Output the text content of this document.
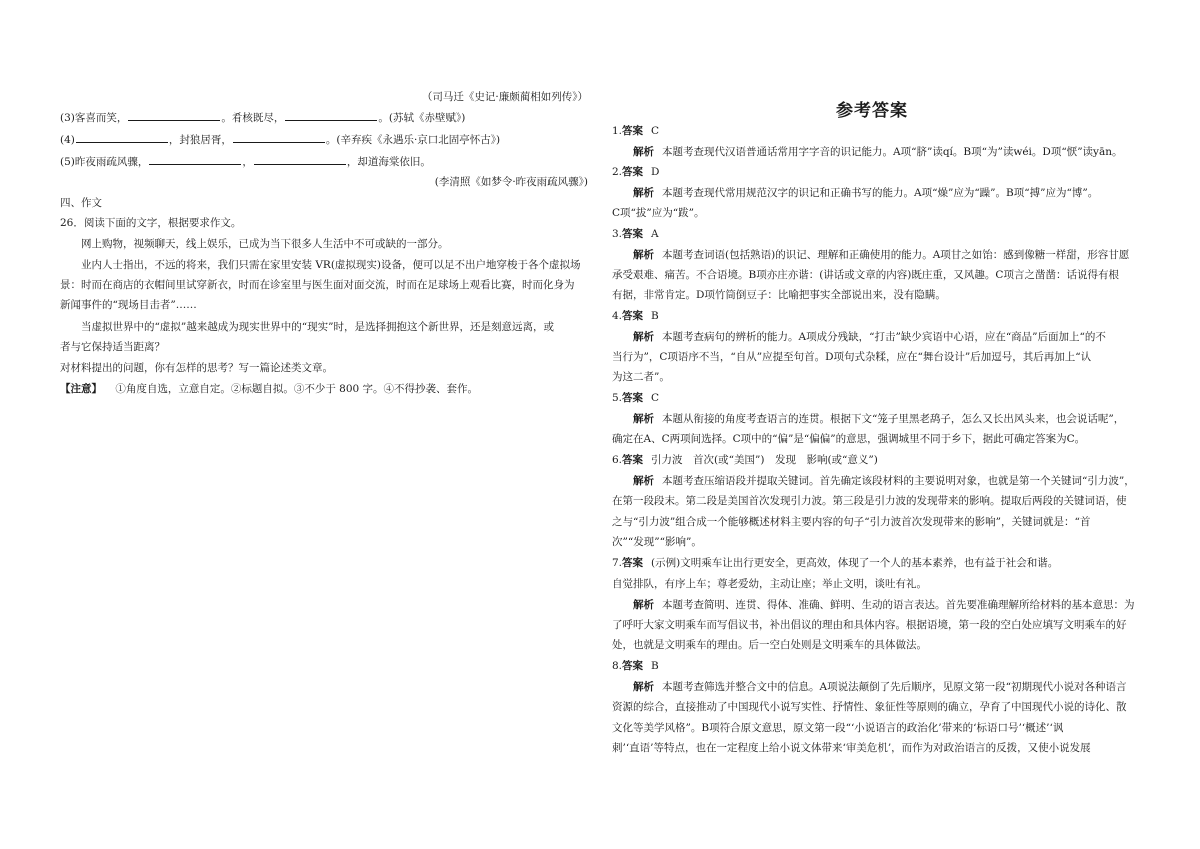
（司马迁《史记·廉颇蔺相如列传》）
(3)客喜而笑，	。肴核既尽，	。(苏轼《赤壁赋》)
(4)	，封狼居胥，	。(辛弃疾《永遇乐·京口北固亭怀古》)
(5)昨夜雨疏风骤，	，	，却道海棠依旧。
(李清照《如梦令·昨夜雨疏风骤》)
四、作文
26．阅读下面的文字，根据要求作文。
网上购物，视频聊天，线上娱乐，已成为当下很多人生活中不可或缺的一部分。
业内人士指出，不远的将来，我们只需在家里安装 VR(虚拟现实)设备，便可以足不出户地穿梭于各个虚拟场
景：时而在商店的衣帽间里试穿新衣，时而在诊室里与医生面对面交流，时而在足球场上观看比赛，时而化身为
新闻事件的“现场目击者”……
当虚拟世界中的“虚拟”越来越成为现实世界中的“现实”时，是选择拥抱这个新世界，还是刻意远离，或
者与它保持适当距离？
对材料提出的问题，你有怎样的思考？写一篇论述类文章。
【注意】 ①角度自选，立意自定。②标题自拟。③不少于 800 字。④不得抄袭、套作。
参考答案
1.答案 C
解析 本题考查现代汉语普通话常用字字音的识记能力。A项“脐”读qí。B项“为”读wéi。D项“恹”读yān。
2.答案 D
解析 本题考查现代常用规范汉字的识记和正确书写的能力。A项“燥”应为“躁”。B项“搏”应为“博”。
C项“拔”应为“跋”。
3.答案 A
解析 本题考查词语(包括熟语)的识记、理解和正确使用的能力。A项甘之如饴：感到像糖一样甜，形容甘愿
承受艰难、痛苦。不合语境。B项亦庄亦谐：(讲话或文章的内容)既庄重，又风趣。C项言之凿凿：话说得有根
有据，非常肯定。D项竹筒倒豆子：比喻把事实全部说出来，没有隐瞒。
4.答案 B
解析 本题考查病句的辨析的能力。A项成分残缺，“打击”缺少宾语中心语，应在“商品”后面加上“的不
当行为”，C项语序不当，“自从”应提至句首。D项句式杂糅，应在“舞台设计”后加逗号，其后再加上“认
为这二者”。
5.答案 C
解析 本题从衔接的角度考查语言的连贯。根据下文“笼子里黑老鸹子，怎么又长出风头来，也会说话呢”，
确定在A、C两项间选择。C项中的“偏”是“偏偏”的意思，强调城里不同于乡下，据此可确定答案为C。
6.答案 引力波　首次(或“美国”)　发现　影响(或“意义”)
解析 本题考查压缩语段并提取关键词。首先确定该段材料的主要说明对象，也就是第一个关键词“引力波”，
在第一段段末。第二段是美国首次发现引力波。第三段是引力波的发现带来的影响。提取后两段的关键词语，使
之与“引力波”组合成一个能够概述材料主要内容的句子“引力波首次发现带来的影响”，关键词就是：“首
次”“发现”“影响”。
7.答案 (示例)文明乘车让出行更安全，更高效，体现了一个人的基本素养，也有益于社会和谐。
自觉排队，有序上车；尊老爱幼，主动让座；举止文明，谈吐有礼。
解析 本题考查简明、连贯、得体、准确、鲜明、生动的语言表达。首先要准确理解所给材料的基本意思：为
了呼吁大家文明乘车而写倡议书，补出倡议的理由和具体内容。根据语境，第一段的空白处应填写文明乘车的好
处，也就是文明乘车的理由。后一空白处则是文明乘车的具体做法。
8.答案 B
解析 本题考查筛选并整合文中的信息。A项说法颠倒了先后顺序，见原文第一段“初期现代小说对各种语言
资源的综合，直接推动了中国现代小说写实性、抒情性、象征性等原则的确立，孕育了中国现代小说的诗化、散
文化等美学风格”。B项符合原文意思，原文第一段“‘小说语言的政治化’带来的‘标语口号’‘概述’‘讽
刺’‘直语’等特点，也在一定程度上给小说文体带来‘审美危机’，而作为对政治语言的反拨，又使小说发展
